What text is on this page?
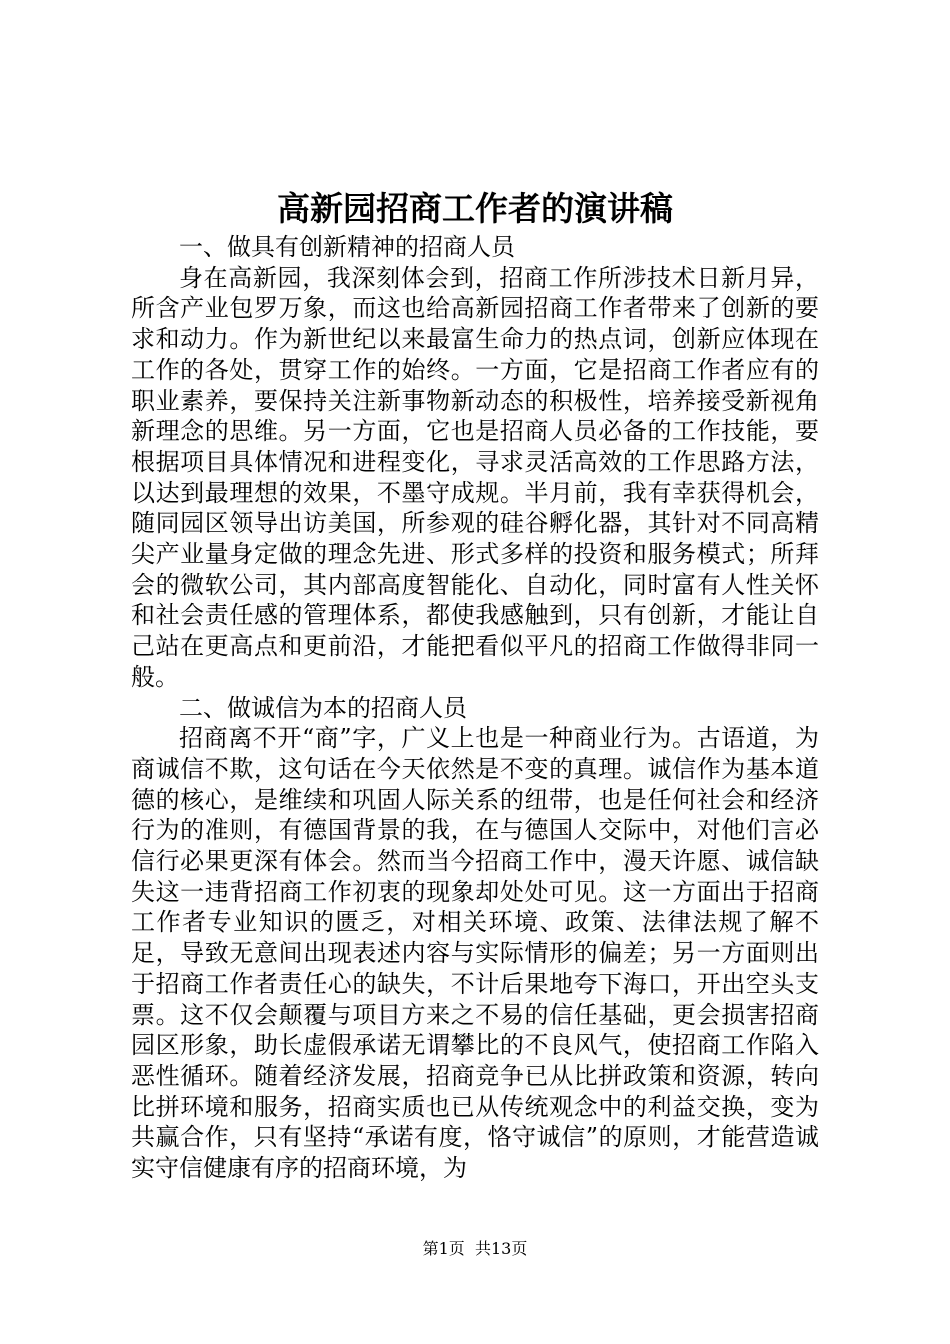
高新园招商工作者的演讲稿

一、做具有创新精神的招商人员

身在高新园，我深刻体会到，招商工作所涉技术日新月异，所含产业包罗万象，而这也给高新园招商工作者带来了创新的要求和动力。作为新世纪以来最富生命力的热点词，创新应体现在工作的各处，贯穿工作的始终。一方面，它是招商工作者应有的职业素养，要保持关注新事物新动态的积极性，培养接受新视角新理念的思维。另一方面，它也是招商人员必备的工作技能，要根据项目具体情况和进程变化，寻求灵活高效的工作思路方法，以达到最理想的效果，不墨守成规。半月前，我有幸获得机会，随同园区领导出访美国，所参观的硅谷孵化器，其针对不同高精尖产业量身定做的理念先进、形式多样的投资和服务模式；所拜会的微软公司，其内部高度智能化、自动化，同时富有人性关怀和社会责任感的管理体系，都使我感触到，只有创新，才能让自己站在更高点和更前沿，才能把看似平凡的招商工作做得非同一般。

二、做诚信为本的招商人员

招商离不开“商”字，广义上也是一种商业行为。古语道，为商诚信不欺，这句话在今天依然是不变的真理。诚信作为基本道德的核心，是维续和巩固人际关系的纽带，也是任何社会和经济行为的准则，有德国背景的我，在与德国人交际中，对他们言必信行必果更深有体会。然而当今招商工作中，漫天许愿、诚信缺失这一违背招商工作初衷的现象却处处可见。这一方面出于招商工作者专业知识的匮乏，对相关环境、政策、法律法规了解不足，导致无意间出现表述内容与实际情形的偏差；另一方面则出于招商工作者责任心的缺失，不计后果地夸下海口，开出空头支票。这不仅会颠覆与项目方来之不易的信任基础，更会损害招商园区形象，助长虚假承诺无谓攀比的不良风气，使招商工作陷入恶性循环。随着经济发展，招商竞争已从比拼政策和资源，转向比拼环境和服务，招商实质也已从传统观念中的利益交换，变为共赢合作，只有坚持“承诺有度，恪守诚信”的原则，才能营造诚实守信健康有序的招商环境，为

第1页 共13页
